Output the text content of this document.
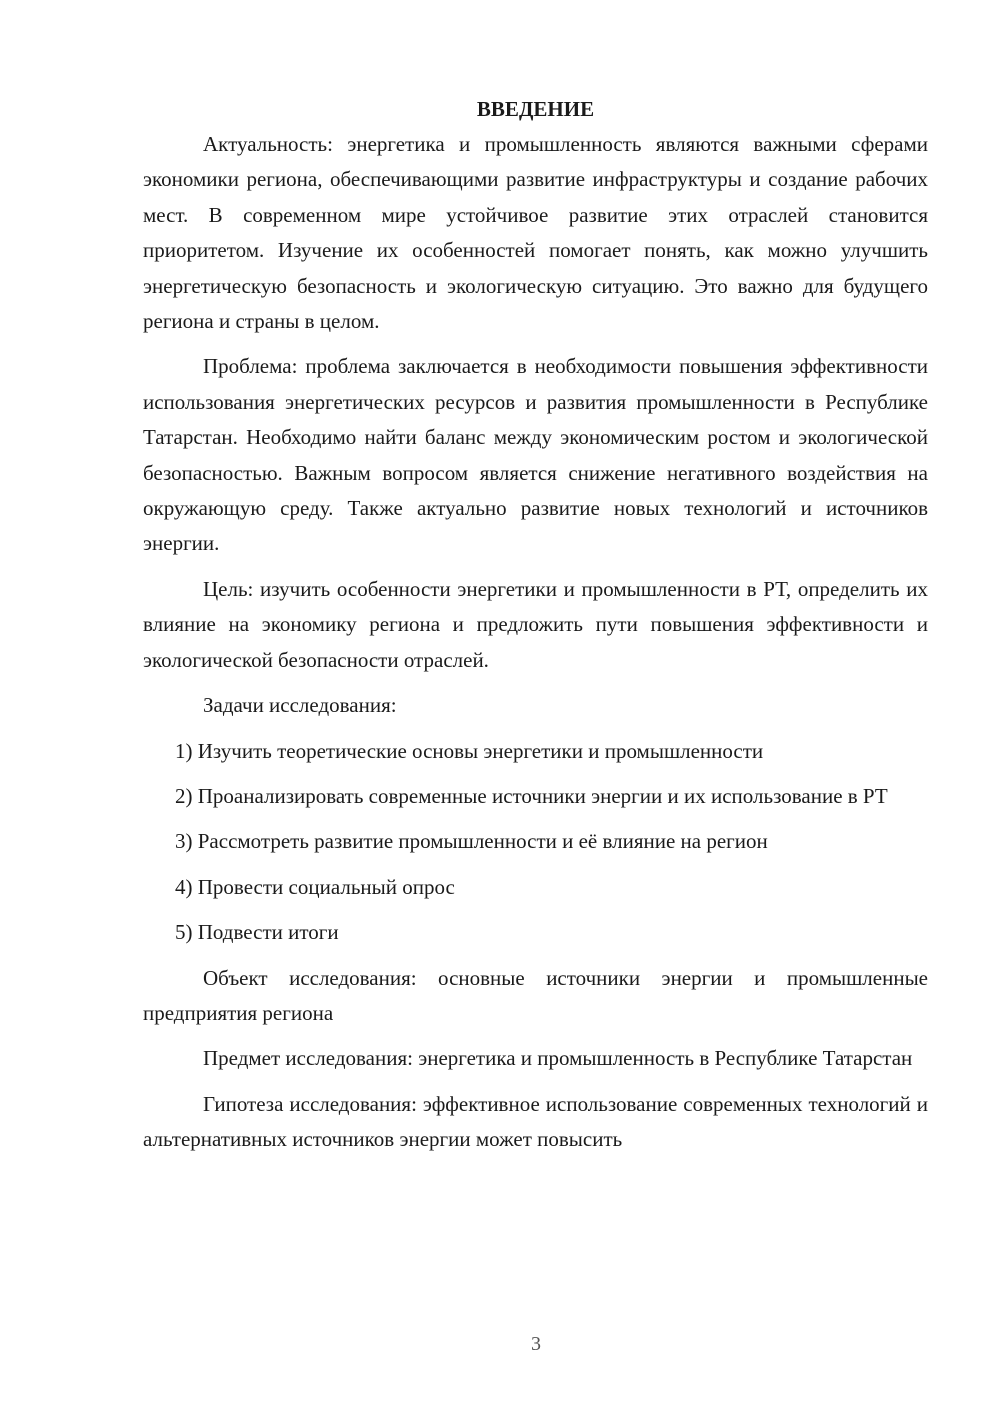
ВВЕДЕНИЕ

Актуальность: энергетика и промышленность являются важными сферами экономики региона, обеспечивающими развитие инфраструктуры и создание рабочих мест. В современном мире устойчивое развитие этих отраслей становится приоритетом. Изучение их особенностей помогает понять, как можно улучшить энергетическую безопасность и экологическую ситуацию. Это важно для будущего региона и страны в целом.

Проблема: проблема заключается в необходимости повышения эффективности использования энергетических ресурсов и развития промышленности в Республике Татарстан. Необходимо найти баланс между экономическим ростом и экологической безопасностью. Важным вопросом является снижение негативного воздействия на окружающую среду. Также актуально развитие новых технологий и источников энергии.

Цель: изучить особенности энергетики и промышленности в РТ, определить их влияние на экономику региона и предложить пути повышения эффективности и экологической безопасности отраслей.

Задачи исследования:

1) Изучить теоретические основы энергетики и промышленности

2) Проанализировать современные источники энергии и их использование в РТ

3) Рассмотреть развитие промышленности и её влияние на регион

4) Провести социальный опрос

5) Подвести итоги

Объект исследования: основные источники энергии и промышленные предприятия региона

Предмет исследования: энергетика и промышленность в Республике Татарстан

Гипотеза исследования: эффективное использование современных технологий и альтернативных источников энергии может повысить

3
